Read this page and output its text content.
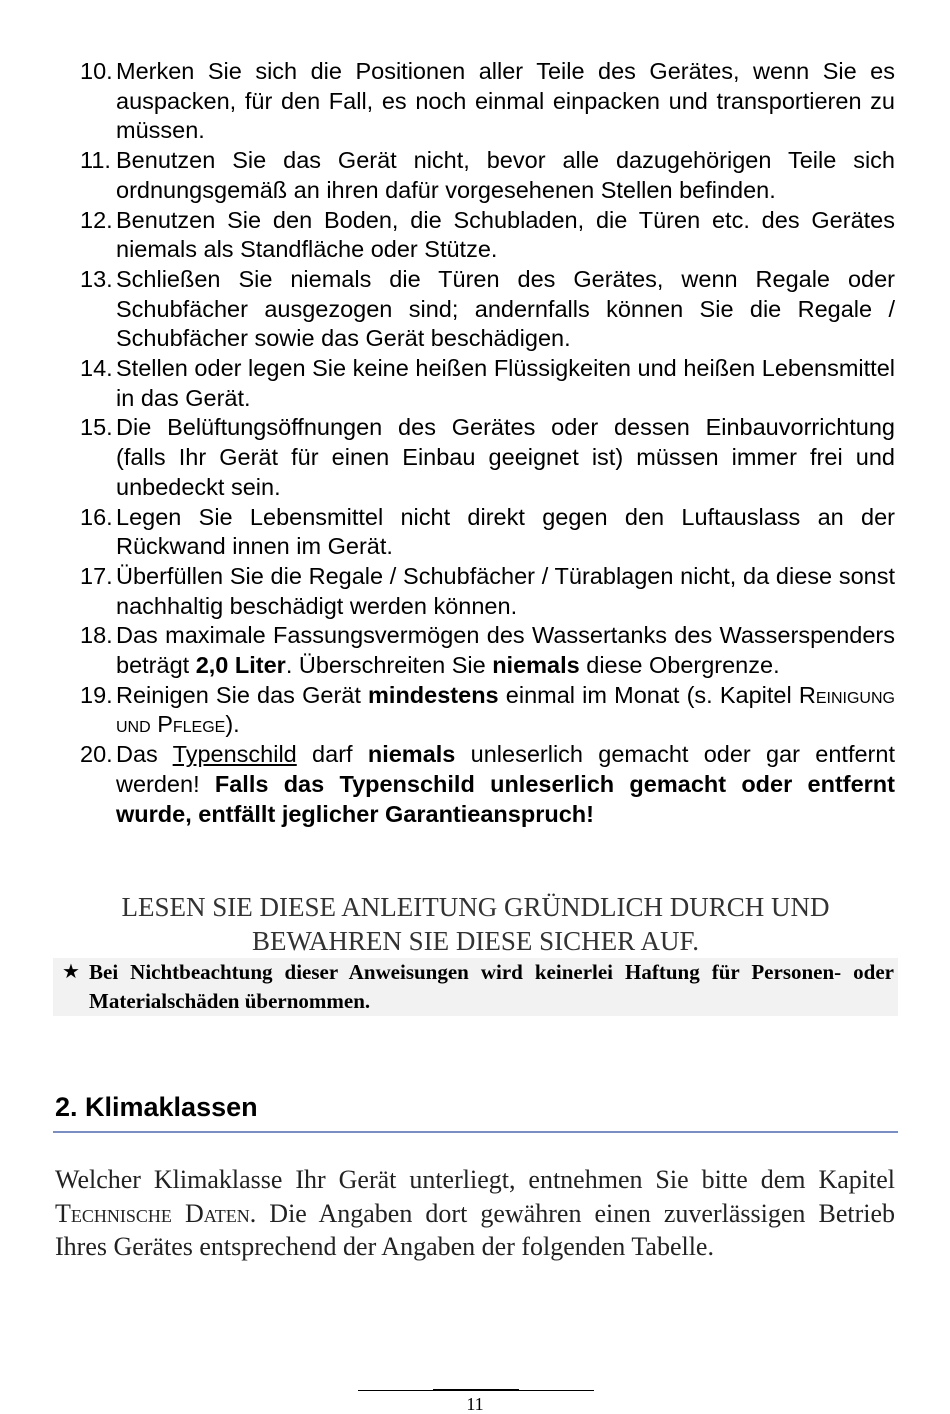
10. Merken Sie sich die Positionen aller Teile des Gerätes, wenn Sie es auspacken, für den Fall, es noch einmal einpacken und transportieren zu müssen.
11. Benutzen Sie das Gerät nicht, bevor alle dazugehörigen Teile sich ordnungsgemäß an ihren dafür vorgesehenen Stellen befinden.
12. Benutzen Sie den Boden, die Schubladen, die Türen etc. des Gerätes niemals als Standfläche oder Stütze.
13. Schließen Sie niemals die Türen des Gerätes, wenn Regale oder Schubfächer ausgezogen sind; andernfalls können Sie die Regale / Schubfächer sowie das Gerät beschädigen.
14. Stellen oder legen Sie keine heißen Flüssigkeiten und heißen Lebensmittel in das Gerät.
15. Die Belüftungsöffnungen des Gerätes oder dessen Einbauvorrichtung (falls Ihr Gerät für einen Einbau geeignet ist) müssen immer frei und unbedeckt sein.
16. Legen Sie Lebensmittel nicht direkt gegen den Luftauslass an der Rückwand innen im Gerät.
17. Überfüllen Sie die Regale / Schubfächer / Türablagen nicht, da diese sonst nachhaltig beschädigt werden können.
18. Das maximale Fassungsvermögen des Wassertanks des Wasserspenders beträgt 2,0 Liter. Überschreiten Sie niemals diese Obergrenze.
19. Reinigen Sie das Gerät mindestens einmal im Monat (s. Kapitel Reinigung und Pflege).
20. Das Typenschild darf niemals unleserlich gemacht oder gar entfernt werden! Falls das Typenschild unleserlich gemacht oder entfernt wurde, entfällt jeglicher Garantieanspruch!
LESEN SIE DIESE ANLEITUNG GRÜNDLICH DURCH UND BEWAHREN SIE DIESE SICHER AUF.
★ Bei Nichtbeachtung dieser Anweisungen wird keinerlei Haftung für Personen- oder Materialschäden übernommen.
2. Klimaklassen
Welcher Klimaklasse Ihr Gerät unterliegt, entnehmen Sie bitte dem Kapitel Technische Daten. Die Angaben dort gewähren einen zuverlässigen Betrieb Ihres Gerätes entsprechend der Angaben der folgenden Tabelle.
11
